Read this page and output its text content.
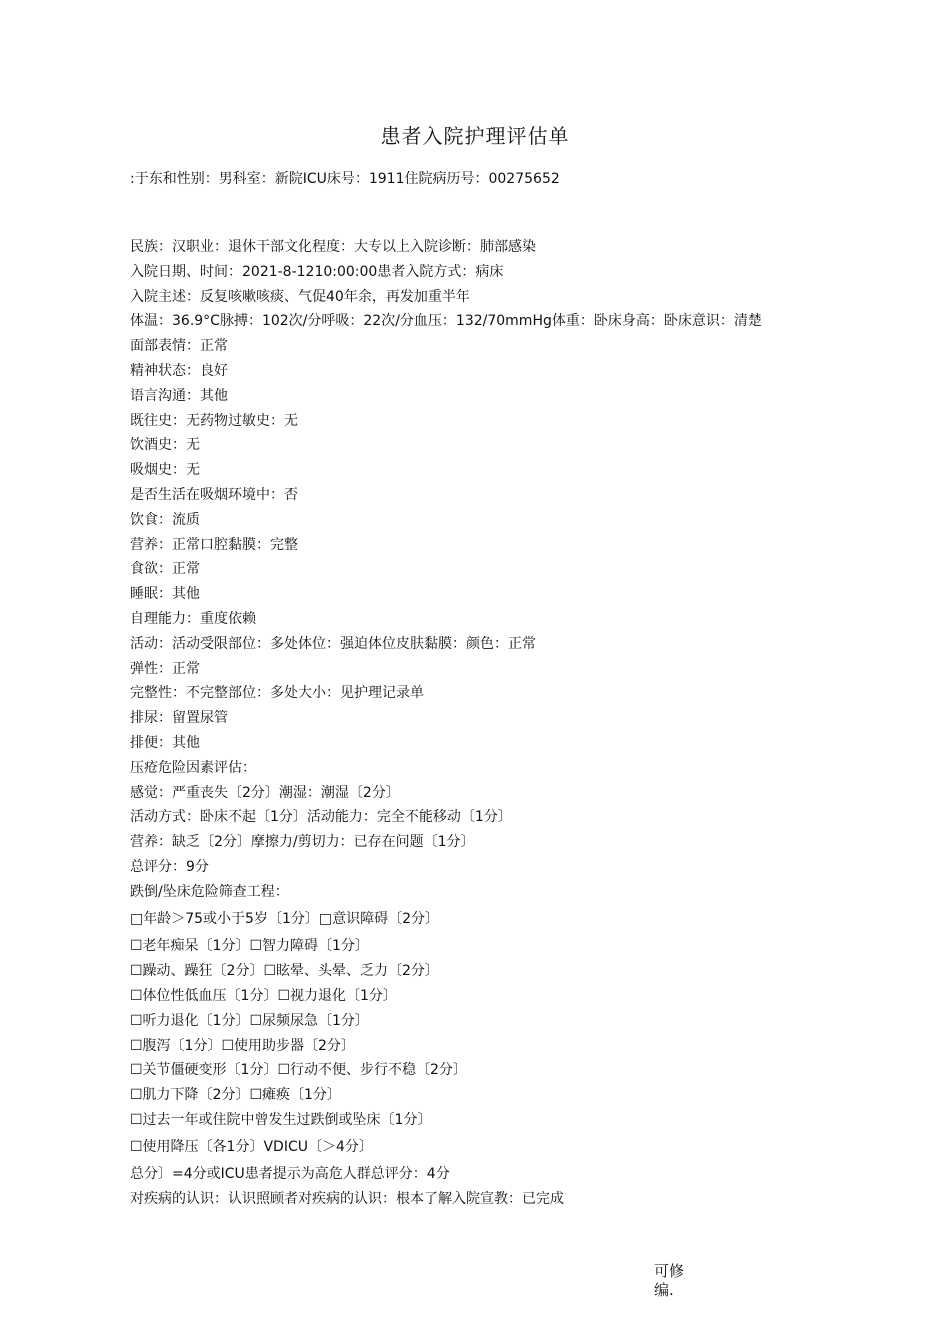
患者入院护理评估单
:于东和性别：男科室：新院ICU床号：1911住院病历号：00275652
民族：汉职业：退休干部文化程度：大专以上入院诊断：肺部感染
入院日期、时间：2021-8-1210:00:00患者入院方式：病床
入院主述：反复咳嗽咳痰、气促40年余，再发加重半年
体温：36.9°C脉搏：102次/分呼吸：22次/分血压：132/70mmHg体重：卧床身高：卧床意识：清楚
面部表情：正常
精神状态：良好
语言沟通：其他
既往史：无药物过敏史：无
饮酒史：无
吸烟史：无
是否生活在吸烟环境中：否
饮食：流质
营养：正常口腔黏膜：完整
食欲：正常
睡眠：其他
自理能力：重度依赖
活动：活动受限部位：多处体位：强迫体位皮肤黏膜：颜色：正常
弹性：正常
完整性：不完整部位：多处大小：见护理记录单
排尿：留置尿管
排便：其他
压疮危险因素评估：
感觉：严重丧失〔2分〕潮湿：潮湿〔2分〕
活动方式：卧床不起〔1分〕活动能力：完全不能移动〔1分〕
营养：缺乏〔2分〕摩擦力/剪切力：已存在问题〔1分〕
总评分：9分
跌倒/坠床危险筛查工程：
□年龄＞75或小于5岁〔1分〕□意识障碍〔2分〕
☐老年痴呆〔1分〕☐智力障碍〔1分〕
☐躁动、躁狂〔2分〕☐眩晕、头晕、乏力〔2分〕
☐体位性低血压〔1分〕☐视力退化〔1分〕
☐听力退化〔1分〕☐尿频尿急〔1分〕
☐腹泻〔1分〕☐使用助步器〔2分〕
☐关节僵硬变形〔1分〕☐行动不便、步行不稳〔2分〕
☐肌力下降〔2分〕☐瘫痪〔1分〕
☐过去一年或住院中曾发生过跌倒或坠床〔1分〕
☐使用降压〔各1分〕VDICU〔＞4分〕
总分〕=4分或ICU患者提示为高危人群总评分：4分
对疾病的认识：认识照顾者对疾病的认识：根本了解入院宣教：已完成
可修编.
